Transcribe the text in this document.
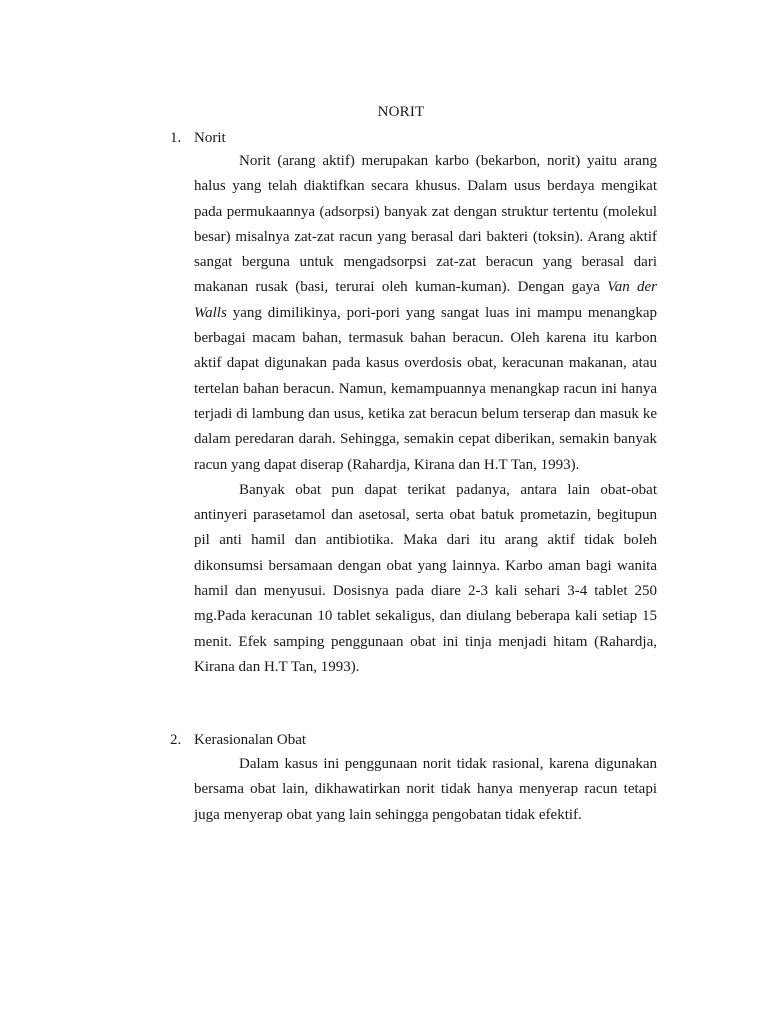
NORIT
1. Norit

Norit (arang aktif) merupakan karbo (bekarbon, norit) yaitu arang halus yang telah diaktifkan secara khusus. Dalam usus berdaya mengikat pada permukaannya (adsorpsi) banyak zat dengan struktur tertentu (molekul besar) misalnya zat-zat racun yang berasal dari bakteri (toksin). Arang aktif sangat berguna untuk mengadsorpsi zat-zat beracun yang berasal dari makanan rusak (basi, terurai oleh kuman-kuman). Dengan gaya Van der Walls yang dimilikinya, pori-pori yang sangat luas ini mampu menangkap berbagai macam bahan, termasuk bahan beracun. Oleh karena itu karbon aktif dapat digunakan pada kasus overdosis obat, keracunan makanan, atau tertelan bahan beracun. Namun, kemampuannya menangkap racun ini hanya terjadi di lambung dan usus, ketika zat beracun belum terserap dan masuk ke dalam peredaran darah. Sehingga, semakin cepat diberikan, semakin banyak racun yang dapat diserap (Rahardja, Kirana dan H.T Tan, 1993).

Banyak obat pun dapat terikat padanya, antara lain obat-obat antinyeri parasetamol dan asetosal, serta obat batuk prometazin, begitupun pil anti hamil dan antibiotika. Maka dari itu arang aktif tidak boleh dikonsumsi bersamaan dengan obat yang lainnya. Karbo aman bagi wanita hamil dan menyusui. Dosisnya pada diare 2-3 kali sehari 3-4 tablet 250 mg.Pada keracunan 10 tablet sekaligus, dan diulang beberapa kali setiap 15 menit. Efek samping penggunaan obat ini tinja menjadi hitam (Rahardja, Kirana dan H.T Tan, 1993).

2. Kerasionalan Obat

Dalam kasus ini penggunaan norit tidak rasional, karena digunakan bersama obat lain, dikhawatirkan norit tidak hanya menyerap racun tetapi juga menyerap obat yang lain sehingga pengobatan tidak efektif.
